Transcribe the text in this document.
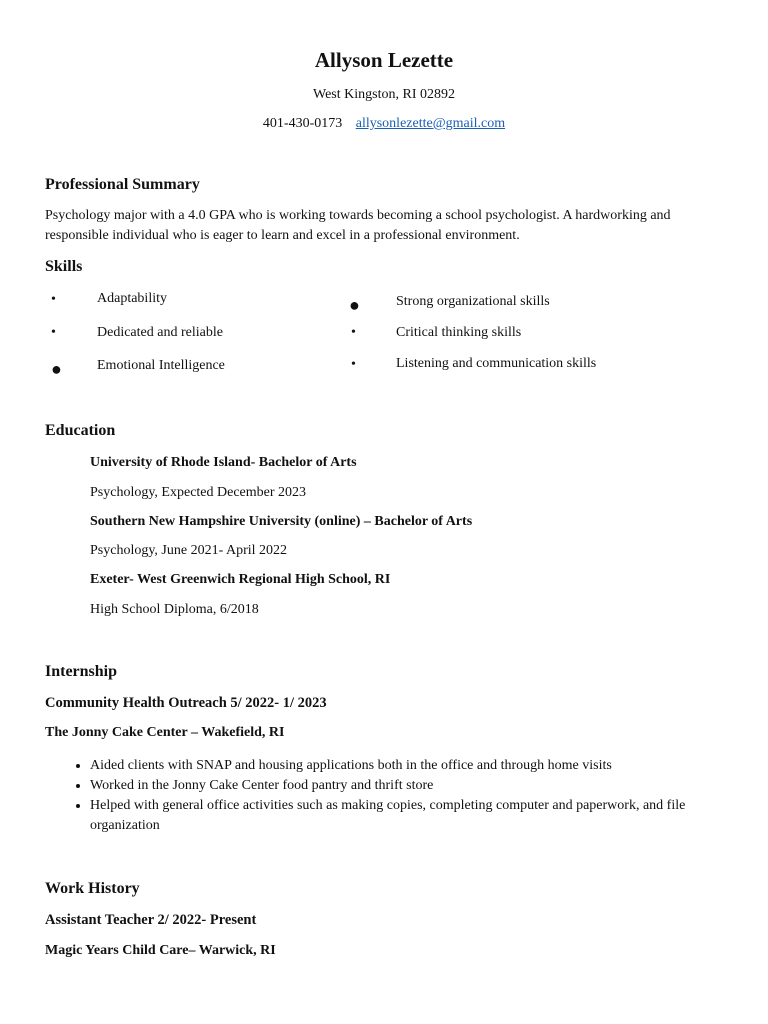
Allyson Lezette
West Kingston, RI 02892
401-430-0173 allysonlezette@gmail.com
Professional Summary
Psychology major with a 4.0 GPA who is working towards becoming a school psychologist. A hardworking and responsible individual who is eager to learn and excel in a professional environment.
Skills
•	Adaptability	●	Strong organizational skills
•	Dedicated and reliable	•	Critical thinking skills
●	Emotional Intelligence	•	Listening and communication skills
Education
University of Rhode Island- Bachelor of Arts
Psychology, Expected December 2023
Southern New Hampshire University (online) – Bachelor of Arts
Psychology, June 2021- April 2022
Exeter- West Greenwich Regional High School, RI
High School Diploma, 6/2018
Internship
Community Health Outreach 5/ 2022- 1/ 2023
The Jonny Cake Center – Wakefield, RI
• Aided clients with SNAP and housing applications both in the office and through home visits
• Worked in the Jonny Cake Center food pantry and thrift store
• Helped with general office activities such as making copies, completing computer and paperwork, and file organization
Work History
Assistant Teacher 2/ 2022- Present
Magic Years Child Care– Warwick, RI
